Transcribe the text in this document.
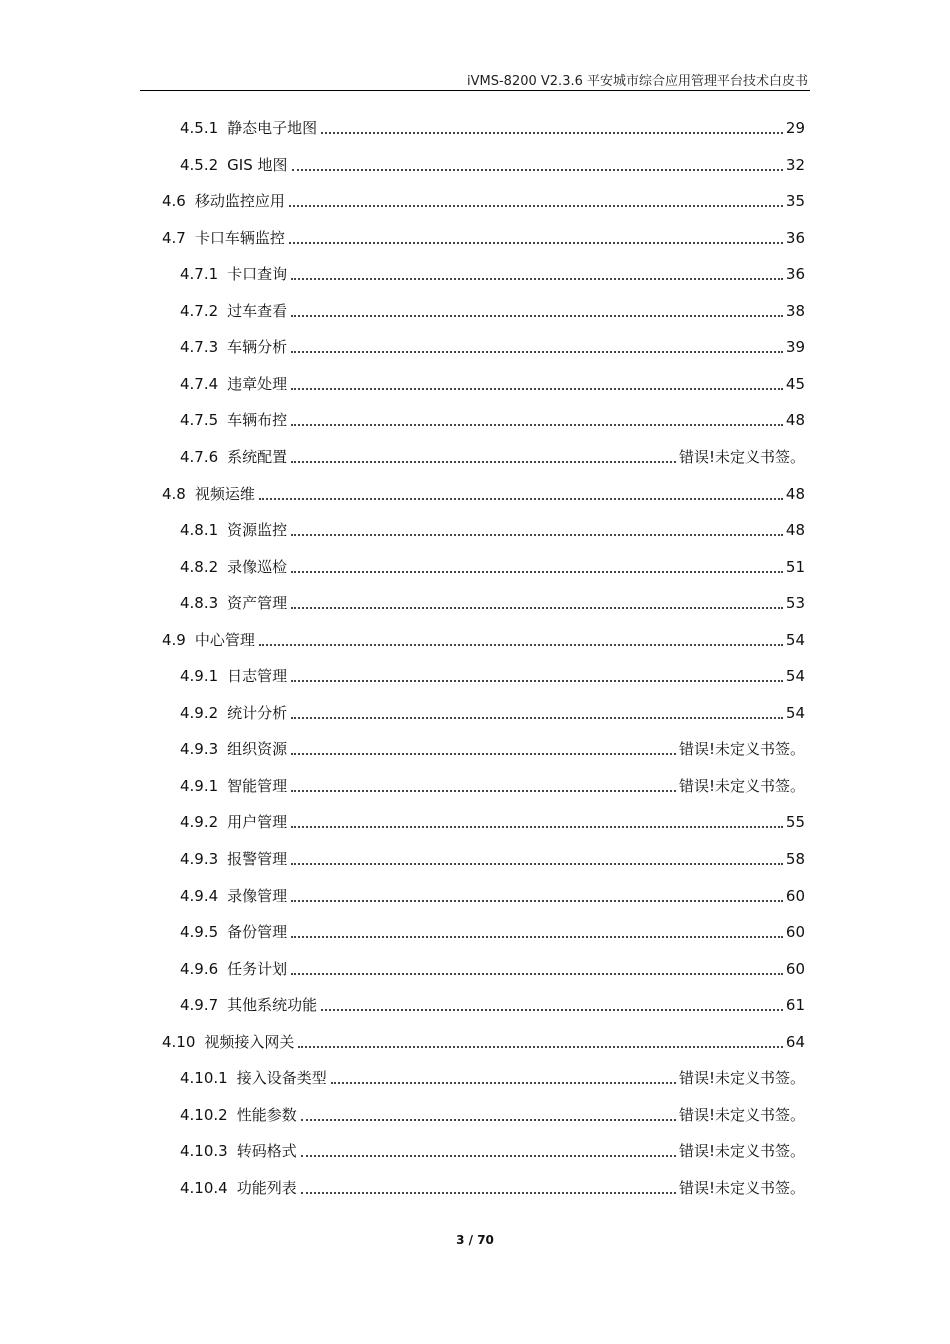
iVMS-8200 V2.3.6 平安城市综合应用管理平台技术白皮书
4.5.1 静态电子地图	29
4.5.2 GIS 地图	32
4.6 移动监控应用	35
4.7 卡口车辆监控	36
4.7.1 卡口查询	36
4.7.2 过车查看	38
4.7.3 车辆分析	39
4.7.4 违章处理	45
4.7.5 车辆布控	48
4.7.6 系统配置	错误!未定义书签。
4.8 视频运维	48
4.8.1 资源监控	48
4.8.2 录像巡检	51
4.8.3 资产管理	53
4.9 中心管理	54
4.9.1 日志管理	54
4.9.2 统计分析	54
4.9.3 组织资源	错误!未定义书签。
4.9.1 智能管理	错误!未定义书签。
4.9.2 用户管理	55
4.9.3 报警管理	58
4.9.4 录像管理	60
4.9.5 备份管理	60
4.9.6 任务计划	60
4.9.7 其他系统功能	61
4.10 视频接入网关	64
4.10.1 接入设备类型	错误!未定义书签。
4.10.2 性能参数	错误!未定义书签。
4.10.3 转码格式	错误!未定义书签。
4.10.4 功能列表	错误!未定义书签。
3 / 70
